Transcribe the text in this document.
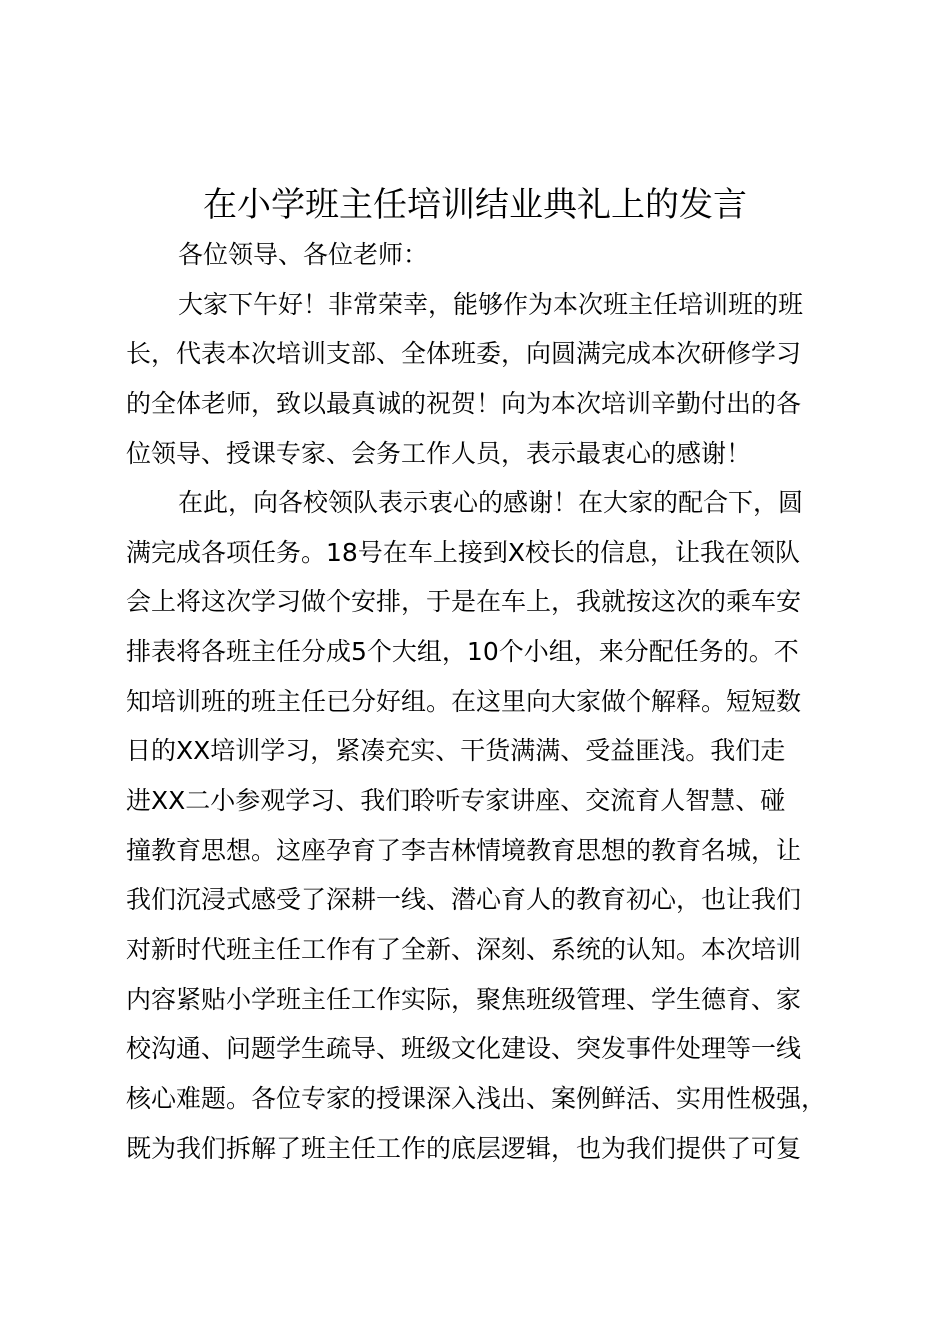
在小学班主任培训结业典礼上的发言
各位领导、各位老师：
大家下午好！非常荣幸，能够作为本次班主任培训班的班
长，代表本次培训支部、全体班委，向圆满完成本次研修学习
的全体老师，致以最真诚的祝贺！向为本次培训辛勤付出的各
位领导、授课专家、会务工作人员，表示最衷心的感谢！
在此，向各校领队表示衷心的感谢！在大家的配合下，圆
满完成各项任务。18号在车上接到X校长的信息，让我在领队
会上将这次学习做个安排，于是在车上，我就按这次的乘车安
排表将各班主任分成5个大组，10个小组，来分配任务的。不
知培训班的班主任已分好组。在这里向大家做个解释。短短数
日的XX培训学习，紧凑充实、干货满满、受益匪浅。我们走
进XX二小参观学习、我们聆听专家讲座、交流育人智慧、碰
撞教育思想。这座孕育了李吉林情境教育思想的教育名城，让
我们沉浸式感受了深耕一线、潜心育人的教育初心，也让我们
对新时代班主任工作有了全新、深刻、系统的认知。本次培训
内容紧贴小学班主任工作实际，聚焦班级管理、学生德育、家
校沟通、问题学生疏导、班级文化建设、突发事件处理等一线
核心难题。各位专家的授课深入浅出、案例鲜活、实用性极强，
既为我们拆解了班主任工作的底层逻辑，也为我们提供了可复
